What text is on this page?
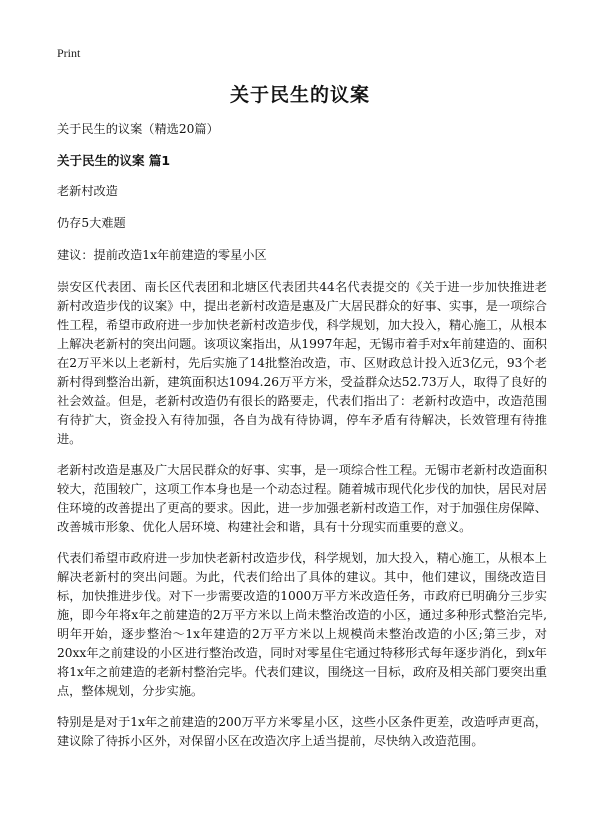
Print
关于民生的议案

关于民生的议案（精选20篇）

关于民生的议案 篇1

老新村改造

仍存5大难题

建议：提前改造1x年前建造的零星小区

崇安区代表团、南长区代表团和北塘区代表团共44名代表提交的《关于进一步加快推进老新村改造步伐的议案》中，提出老新村改造是惠及广大居民群众的好事、实事，是一项综合性工程，希望市政府进一步加快老新村改造步伐，科学规划，加大投入，精心施工，从根本上解决老新村的突出问题。该项议案指出，从1997年起，无锡市着手对x年前建造的、面积在2万平米以上老新村，先后实施了14批整治改造，市、区财政总计投入近3亿元，93个老新村得到整治出新，建筑面积达1094.26万平方米，受益群众达52.73万人，取得了良好的社会效益。但是，老新村改造仍有很长的路要走，代表们指出了：老新村改造中，改造范围有待扩大，资金投入有待加强，各自为战有待协调，停车矛盾有待解决，长效管理有待推进。

老新村改造是惠及广大居民群众的好事、实事，是一项综合性工程。无锡市老新村改造面积较大，范围较广，这项工作本身也是一个动态过程。随着城市现代化步伐的加快，居民对居住环境的改善提出了更高的要求。因此，进一步加强老新村改造工作，对于加强住房保障、改善城市形象、优化人居环境、构建社会和谐，具有十分现实而重要的意义。

代表们希望市政府进一步加快老新村改造步伐，科学规划，加大投入，精心施工，从根本上解决老新村的突出问题。为此，代表们给出了具体的建议。其中，他们建议，围绕改造目标，加快推进步伐。对下一步需要改造的1000万平方米改造任务，市政府已明确分三步实施，即今年将x年之前建造的2万平方米以上尚未整治改造的小区，通过多种形式整治完毕,明年开始，逐步整治～1x年建造的2万平方米以上规模尚未整治改造的小区;第三步，对20xx年之前建设的小区进行整治改造，同时对零星住宅通过特移形式每年逐步消化，到x年将1x年之前建造的老新村整治完毕。代表们建议，围绕这一目标，政府及相关部门要突出重点，整体规划，分步实施。

特别是是对于1x年之前建造的200万平方米零星小区，这些小区条件更差，改造呼声更高，建议除了待拆小区外，对保留小区在改造次序上适当提前，尽快纳入改造范围。
